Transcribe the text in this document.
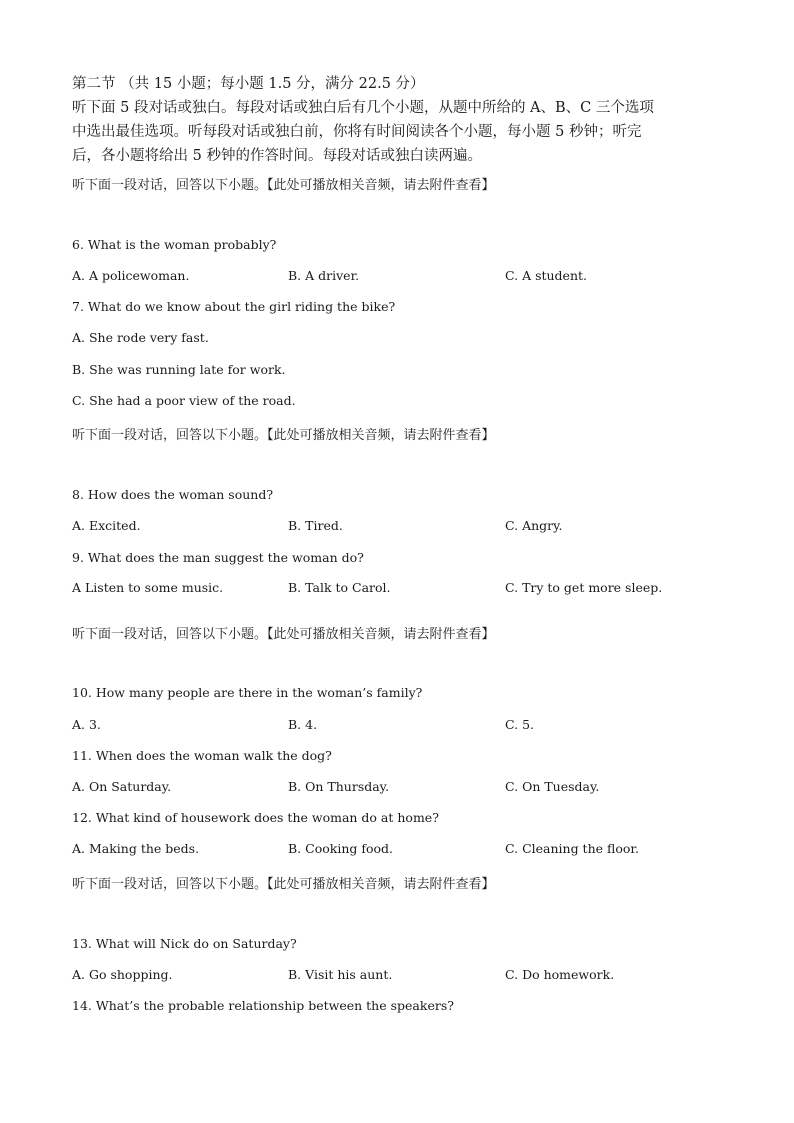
第二节 （共 15 小题；每小题 1.5 分，满分 22.5 分）

听下面 5 段对话或独白。每段对话或独白后有几个小题，从题中所给的 A、B、C 三个选项

中选出最佳选项。听每段对话或独白前，你将有时间阅读各个小题，每小题 5 秒钟；听完

后，各小题将给出 5 秒钟的作答时间。每段对话或独白读两遍。

听下面一段对话，回答以下小题。【此处可播放相关音频，请去附件查看】
6. What is the woman probably?
A. A policewoman.	B. A driver.	C. A student.
7. What do we know about the girl riding the bike?
A. She rode very fast.
B. She was running late for work.
C. She had a poor view of the road.
听下面一段对话，回答以下小题。【此处可播放相关音频，请去附件查看】
8. How does the woman sound?
A. Excited.	B. Tired.	C. Angry.
9. What does the man suggest the woman do?
A Listen to some music.	B. Talk to Carol.	C. Try to get more sleep.
听下面一段对话，回答以下小题。【此处可播放相关音频，请去附件查看】
10. How many people are there in the woman’s family?
A. 3.	B. 4.	C. 5.
11. When does the woman walk the dog?
A. On Saturday.	B. On Thursday.	C. On Tuesday.
12. What kind of housework does the woman do at home?
A. Making the beds.	B. Cooking food.	C. Cleaning the floor.
听下面一段对话，回答以下小题。【此处可播放相关音频，请去附件查看】
13. What will Nick do on Saturday?
A. Go shopping.	B. Visit his aunt.	C. Do homework.
14. What’s the probable relationship between the speakers?
